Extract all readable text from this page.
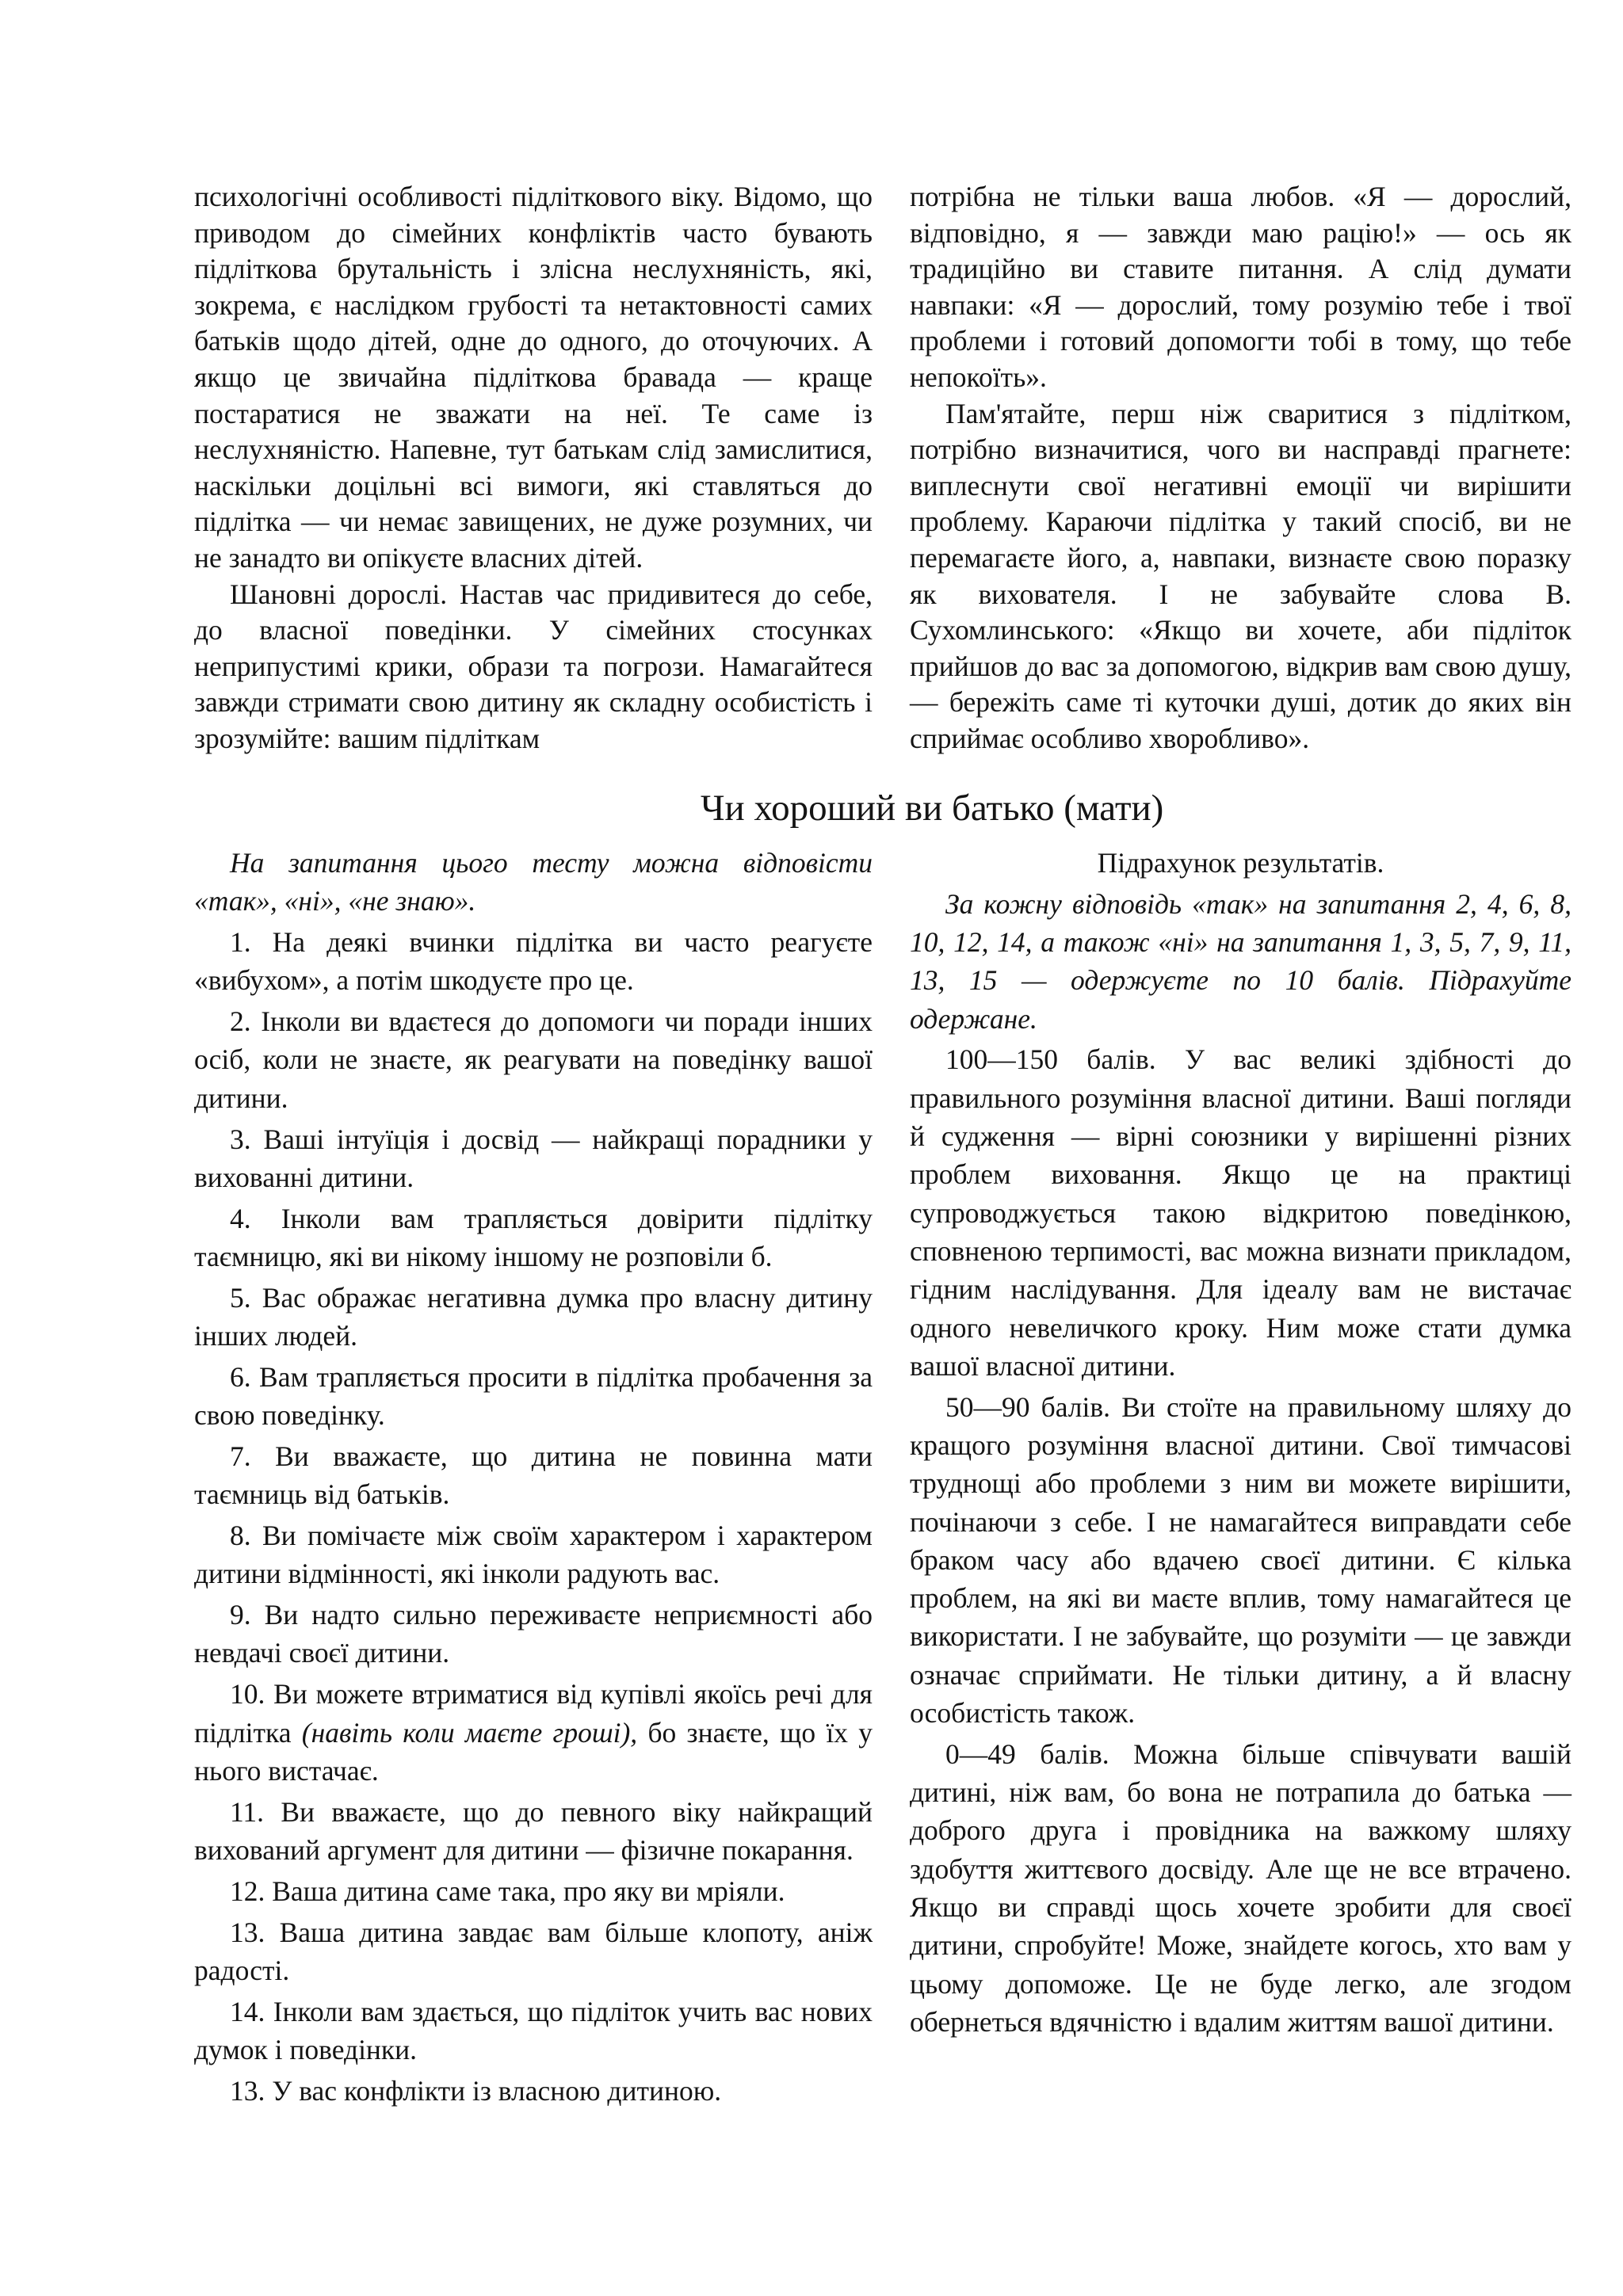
психологічні особливості підліткового віку. Відомо, що приводом до сімейних конфліктів часто бувають підліткова брутальність і злісна неслухняність, які, зокрема, є наслідком грубості та нетактовності самих батьків щодо дітей, одне до одного, до оточуючих. А якщо це звичайна підліткова бравада — краще постаратися не зважати на неї. Те саме із неслухняністю. Напевне, тут батькам слід замислитися, наскільки доцільні всі вимоги, які ставляться до підлітка — чи немає завищених, не дуже розумних, чи не занадто ви опікуєте власних дітей.

Шановні дорослі. Настав час придивитеся до себе, до власної поведінки. У сімейних стосунках неприпустимі крики, образи та погрози. Намагайтеся завжди стримати свою дитину як складну особистість і зрозумійте: вашим підліткам

потрібна не тільки ваша любов. «Я — дорослий, відповідно, я — завжди маю рацію!» — ось як традиційно ви ставите питання. А слід думати навпаки: «Я — дорослий, тому розумію тебе і твої проблеми і готовий допомогти тобі в тому, що тебе непокоїть».

Пам'ятайте, перш ніж сваритися з підлітком, потрібно визначитися, чого ви насправді прагнете: виплеснути свої негативні емоції чи вирішити проблему. Караючи підлітка у такий спосіб, ви не перемагаєте його, а, навпаки, визнаєте свою поразку як вихователя. І не забувайте слова В. Сухомлинського: «Якщо ви хочете, аби підліток прийшов до вас за допомогою, відкрив вам свою душу, — бережіть саме ті куточки душі, дотик до яких він сприймає особливо хворобливо».

Чи хороший ви батько (мати)

На запитання цього тесту можна відповісти «так», «ні», «не знаю».

1. На деякі вчинки підлітка ви часто реагуєте «вибухом», а потім шкодуєте про це.

2. Інколи ви вдаєтеся до допомоги чи поради інших осіб, коли не знаєте, як реагувати на поведінку вашої дитини.

3. Ваші інтуїція і досвід — найкращі порадники у вихованні дитини.

4. Інколи вам трапляється довірити підлітку таємницю, які ви нікому іншому не розповіли б.

5. Вас ображає негативна думка про власну дитину інших людей.

6. Вам трапляється просити в підлітка пробачення за свою поведінку.

7. Ви вважаєте, що дитина не повинна мати таємниць від батьків.

8. Ви помічаєте між своїм характером і характером дитини відмінності, які інколи радують вас.

9. Ви надто сильно переживаєте неприємності або невдачі своєї дитини.

10. Ви можете втриматися від купівлі якоїсь речі для підлітка (навіть коли маєте гроші), бо знаєте, що їх у нього вистачає.

11. Ви вважаєте, що до певного віку найкращий вихований аргумент для дитини — фізичне покарання.

12. Ваша дитина саме така, про яку ви мріяли.

13. Ваша дитина завдає вам більше клопоту, аніж радості.

14. Інколи вам здається, що підліток учить вас нових думок і поведінки.

13. У вас конфлікти із власною дитиною.

Підрахунок результатів.

За кожну відповідь «так» на запитання 2, 4, 6, 8, 10, 12, 14, а також «ні» на запитання 1, 3, 5, 7, 9, 11, 13, 15 — одержуєте по 10 балів. Підрахуйте одержане.

100—150 балів. У вас великі здібності до правильного розуміння власної дитини. Ваші погляди й судження — вірні союзники у вирішенні різних проблем виховання. Якщо це на практиці супроводжується такою відкритою поведінкою, сповненою терпимості, вас можна визнати прикладом, гідним наслідування. Для ідеалу вам не вистачає одного невеличкого кроку. Ним може стати думка вашої власної дитини.

50—90 балів. Ви стоїте на правильному шляху до кращого розуміння власної дитини. Свої тимчасові труднощі або проблеми з ним ви можете вирішити, почінаючи з себе. І не намагайтеся виправдати себе браком часу або вдачею своєї дитини. Є кілька проблем, на які ви маєте вплив, тому намагайтеся це використати. І не забувайте, що розуміти — це завжди означає сприймати. Не тільки дитину, а й власну особистість також.

0—49 балів. Можна більше співчувати вашій дитині, ніж вам, бо вона не потрапила до батька — доброго друга і провідника на важкому шляху здобуття життєвого досвіду. Але ще не все втрачено. Якщо ви справді щось хочете зробити для своєї дитини, спробуйте! Може, знайдете когось, хто вам у цьому допоможе. Це не буде легко, але згодом обернеться вдячністю і вдалим життям вашої дитини.
